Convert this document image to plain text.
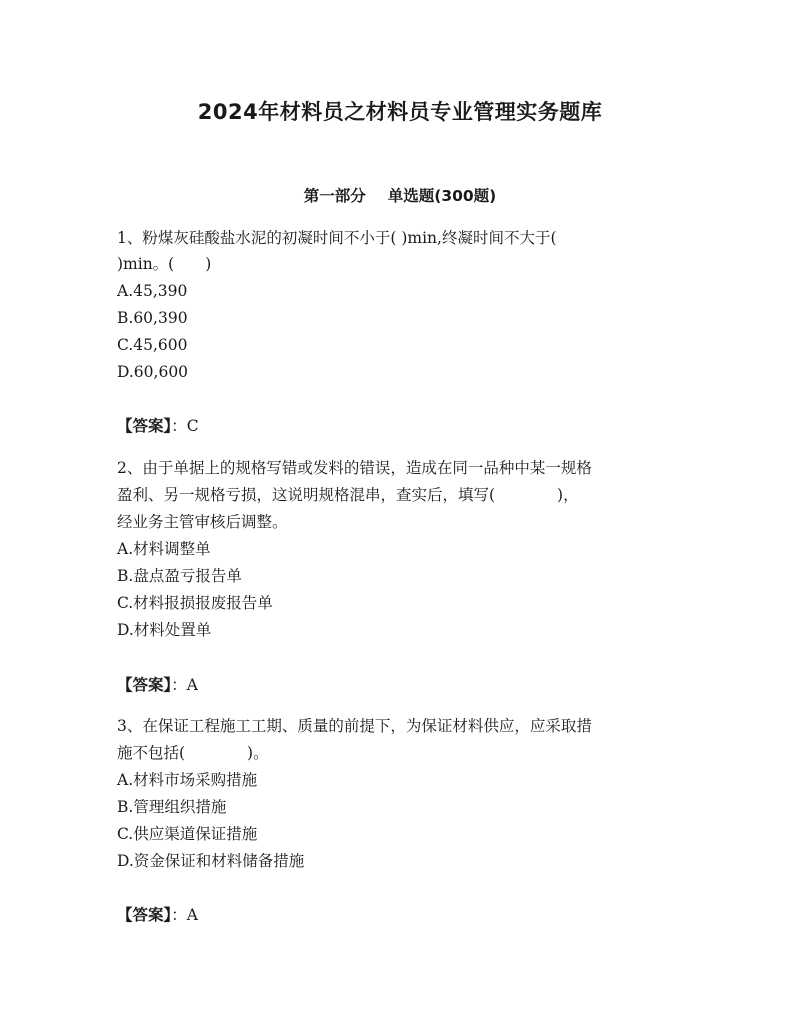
2024年材料员之材料员专业管理实务题库
第一部分 单选题(300题)
1、粉煤灰硅酸盐水泥的初凝时间不小于( )min,终凝时间不大于(
)min。(　　)
A.45,390
B.60,390
C.45,600
D.60,600
【答案】：C
2、由于单据上的规格写错或发料的错误，造成在同一品种中某一规格
盈利、另一规格亏损，这说明规格混串，查实后，填写(　　　　)，
经业务主管审核后调整。
A.材料调整单
B.盘点盈亏报告单
C.材料报损报废报告单
D.材料处置单
【答案】：A
3、在保证工程施工工期、质量的前提下，为保证材料供应，应采取措
施不包括(　　　　)。
A.材料市场采购措施
B.管理组织措施
C.供应渠道保证措施
D.资金保证和材料储备措施
【答案】：A
